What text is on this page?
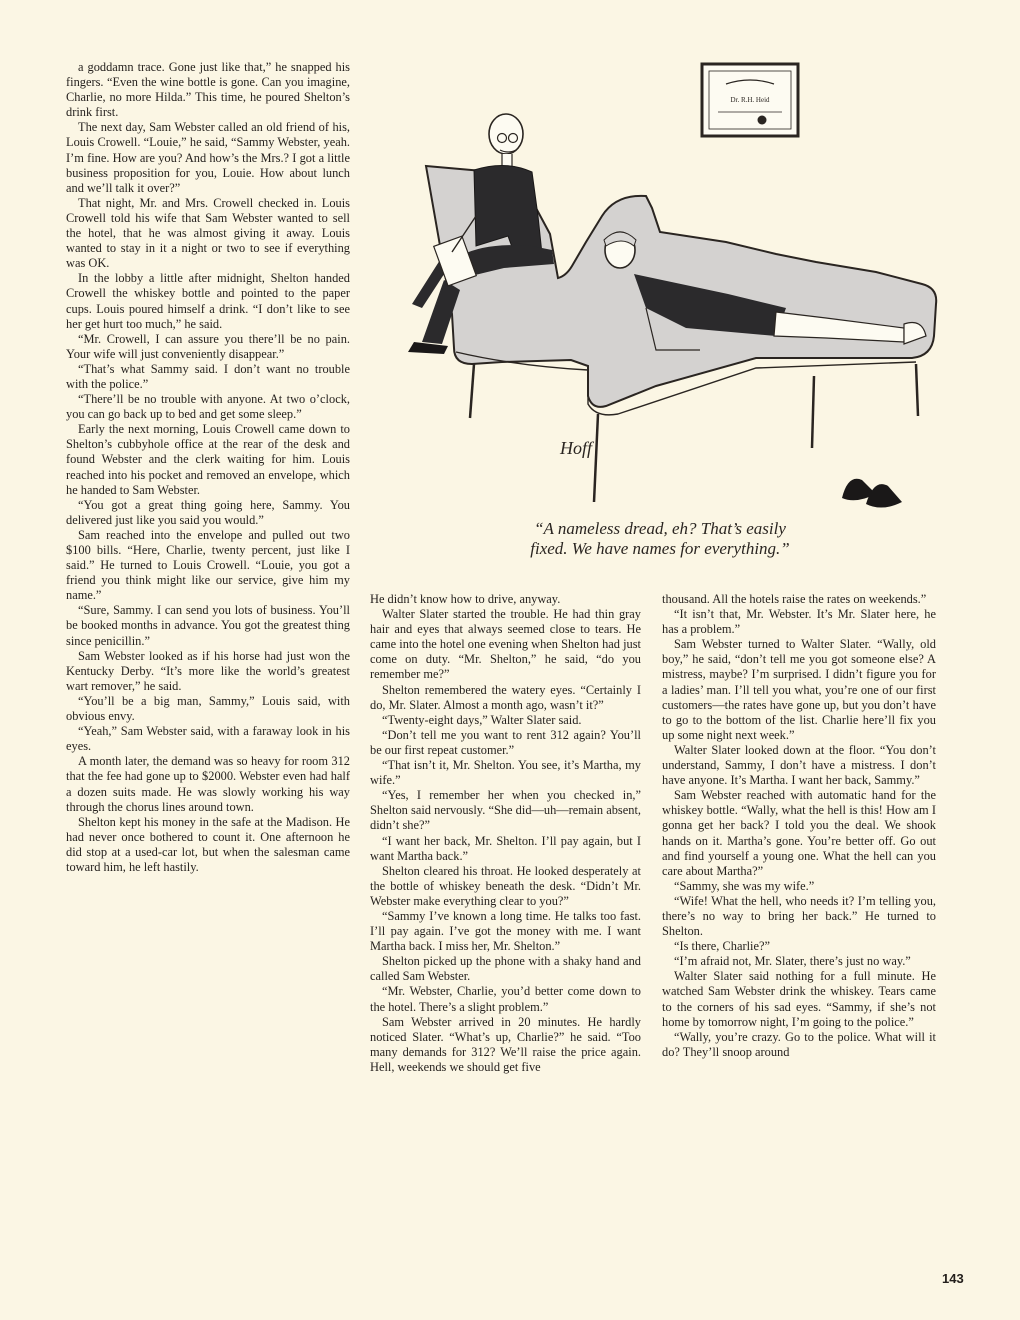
a goddamn trace. Gone just like that,” he snapped his fingers. “Even the wine bottle is gone. Can you imagine, Charlie, no more Hilda.” This time, he poured Shelton’s drink first.

The next day, Sam Webster called an old friend of his, Louis Crowell. “Louie,” he said, “Sammy Webster, yeah. I’m fine. How are you? And how’s the Mrs.? I got a little business proposition for you, Louie. How about lunch and we’ll talk it over?”

That night, Mr. and Mrs. Crowell checked in. Louis Crowell told his wife that Sam Webster wanted to sell the hotel, that he was almost giving it away. Louis wanted to stay in it a night or two to see if everything was OK.

In the lobby a little after midnight, Shelton handed Crowell the whiskey bottle and pointed to the paper cups. Louis poured himself a drink. “I don’t like to see her get hurt too much,” he said.

“Mr. Crowell, I can assure you there’ll be no pain. Your wife will just conveniently disappear.”

“That’s what Sammy said. I don’t want no trouble with the police.”

“There’ll be no trouble with anyone. At two o’clock, you can go back up to bed and get some sleep.”

Early the next morning, Louis Crowell came down to Shelton’s cubbyhole office at the rear of the desk and found Webster and the clerk waiting for him. Louis reached into his pocket and removed an envelope, which he handed to Sam Webster.

“You got a great thing going here, Sammy. You delivered just like you said you would.”

Sam reached into the envelope and pulled out two $100 bills. “Here, Charlie, twenty percent, just like I said.” He turned to Louis Crowell. “Louie, you got a friend you think might like our service, give him my name.”

“Sure, Sammy. I can send you lots of business. You’ll be booked months in advance. You got the greatest thing since penicillin.”

Sam Webster looked as if his horse had just won the Kentucky Derby. “It’s more like the world’s greatest wart remover,” he said.

“You’ll be a big man, Sammy,” Louis said, with obvious envy.

“Yeah,” Sam Webster said, with a faraway look in his eyes.

A month later, the demand was so heavy for room 312 that the fee had gone up to $2000. Webster even had half a dozen suits made. He was slowly working his way through the chorus lines around town.

Shelton kept his money in the safe at the Madison. He had never once bothered to count it. One afternoon he did stop at a used-car lot, but when the salesman came toward him, he left hastily.

Dr. R.H. Heid
Hoff
“A nameless dread, eh? That’s easily
fixed. We have names for everything.”

He didn’t know how to drive, anyway.

Walter Slater started the trouble. He had thin gray hair and eyes that always seemed close to tears. He came into the hotel one evening when Shelton had just come on duty. “Mr. Shelton,” he said, “do you remember me?”

Shelton remembered the watery eyes. “Certainly I do, Mr. Slater. Almost a month ago, wasn’t it?”

“Twenty-eight days,” Walter Slater said.

“Don’t tell me you want to rent 312 again? You’ll be our first repeat customer.”

“That isn’t it, Mr. Shelton. You see, it’s Martha, my wife.”

“Yes, I remember her when you checked in,” Shelton said nervously. “She did—uh—remain absent, didn’t she?”

“I want her back, Mr. Shelton. I’ll pay again, but I want Martha back.”

Shelton cleared his throat. He looked desperately at the bottle of whiskey beneath the desk. “Didn’t Mr. Webster make everything clear to you?”

“Sammy I’ve known a long time. He talks too fast. I’ll pay again. I’ve got the money with me. I want Martha back. I miss her, Mr. Shelton.”

Shelton picked up the phone with a shaky hand and called Sam Webster.

“Mr. Webster, Charlie, you’d better come down to the hotel. There’s a slight problem.”

Sam Webster arrived in 20 minutes. He hardly noticed Slater. “What’s up, Charlie?” he said. “Too many demands for 312? We’ll raise the price again. Hell, weekends we should get five

thousand. All the hotels raise the rates on weekends.”

“It isn’t that, Mr. Webster. It’s Mr. Slater here, he has a problem.”

Sam Webster turned to Walter Slater. “Wally, old boy,” he said, “don’t tell me you got someone else? A mistress, maybe? I’m surprised. I didn’t figure you for a ladies’ man. I’ll tell you what, you’re one of our first customers—the rates have gone up, but you don’t have to go to the bottom of the list. Charlie here’ll fix you up some night next week.”

Walter Slater looked down at the floor. “You don’t understand, Sammy, I don’t have a mistress. I don’t have anyone. It’s Martha. I want her back, Sammy.”

Sam Webster reached with automatic hand for the whiskey bottle. “Wally, what the hell is this! How am I gonna get her back? I told you the deal. We shook hands on it. Martha’s gone. You’re better off. Go out and find yourself a young one. What the hell can you care about Martha?”

“Sammy, she was my wife.”

“Wife! What the hell, who needs it? I’m telling you, there’s no way to bring her back.” He turned to Shelton.

“Is there, Charlie?”

“I’m afraid not, Mr. Slater, there’s just no way.”

Walter Slater said nothing for a full minute. He watched Sam Webster drink the whiskey. Tears came to the corners of his sad eyes. “Sammy, if she’s not home by tomorrow night, I’m going to the police.”

“Wally, you’re crazy. Go to the police. What will it do? They’ll snoop around

143
